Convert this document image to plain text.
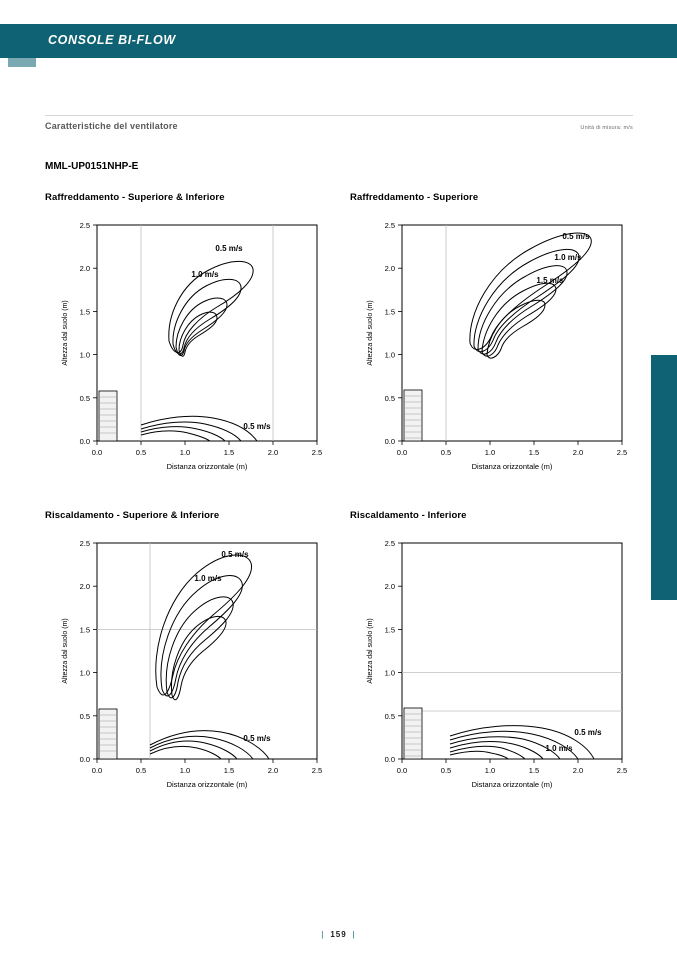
CONSOLE BI-FLOW
CONSOLE BI-FLOW
Caratteristiche del ventilatore	Unità di misura: m/s
MML-UP0151NHP-E
Raffreddamento - Superiore & Inferiore
0.0	0.5	1.0	1.5	2.0	2.5
0.0
0.5
1.0
1.5
2.0
2.5
Distanza orizzontale (m)
Altezza dal suolo (m)
0.5 m/s
1.0 m/s
0.5 m/s
Raffreddamento - Superiore
0.0	0.5	1.0	1.5	2.0	2.5
0.0
0.5
1.0
1.5
2.0
2.5
Distanza orizzontale (m)
Altezza dal suolo (m)
0.5 m/s
1.0 m/s
1.5 m/s
Riscaldamento - Superiore & Inferiore
0.0	0.5	1.0	1.5	2.0	2.5
0.0
0.5
1.0
1.5
2.0
2.5
Distanza orizzontale (m)
Altezza dal suolo (m)
0.5 m/s
1.0 m/s
0.5 m/s
Riscaldamento - Inferiore
0.0	0.5	1.0	1.5	2.0	2.5
0.0
0.5
1.0
1.5
2.0
2.5
Distanza orizzontale (m)
Altezza dal suolo (m)
0.5 m/s
1.0 m/s
| 159 |
